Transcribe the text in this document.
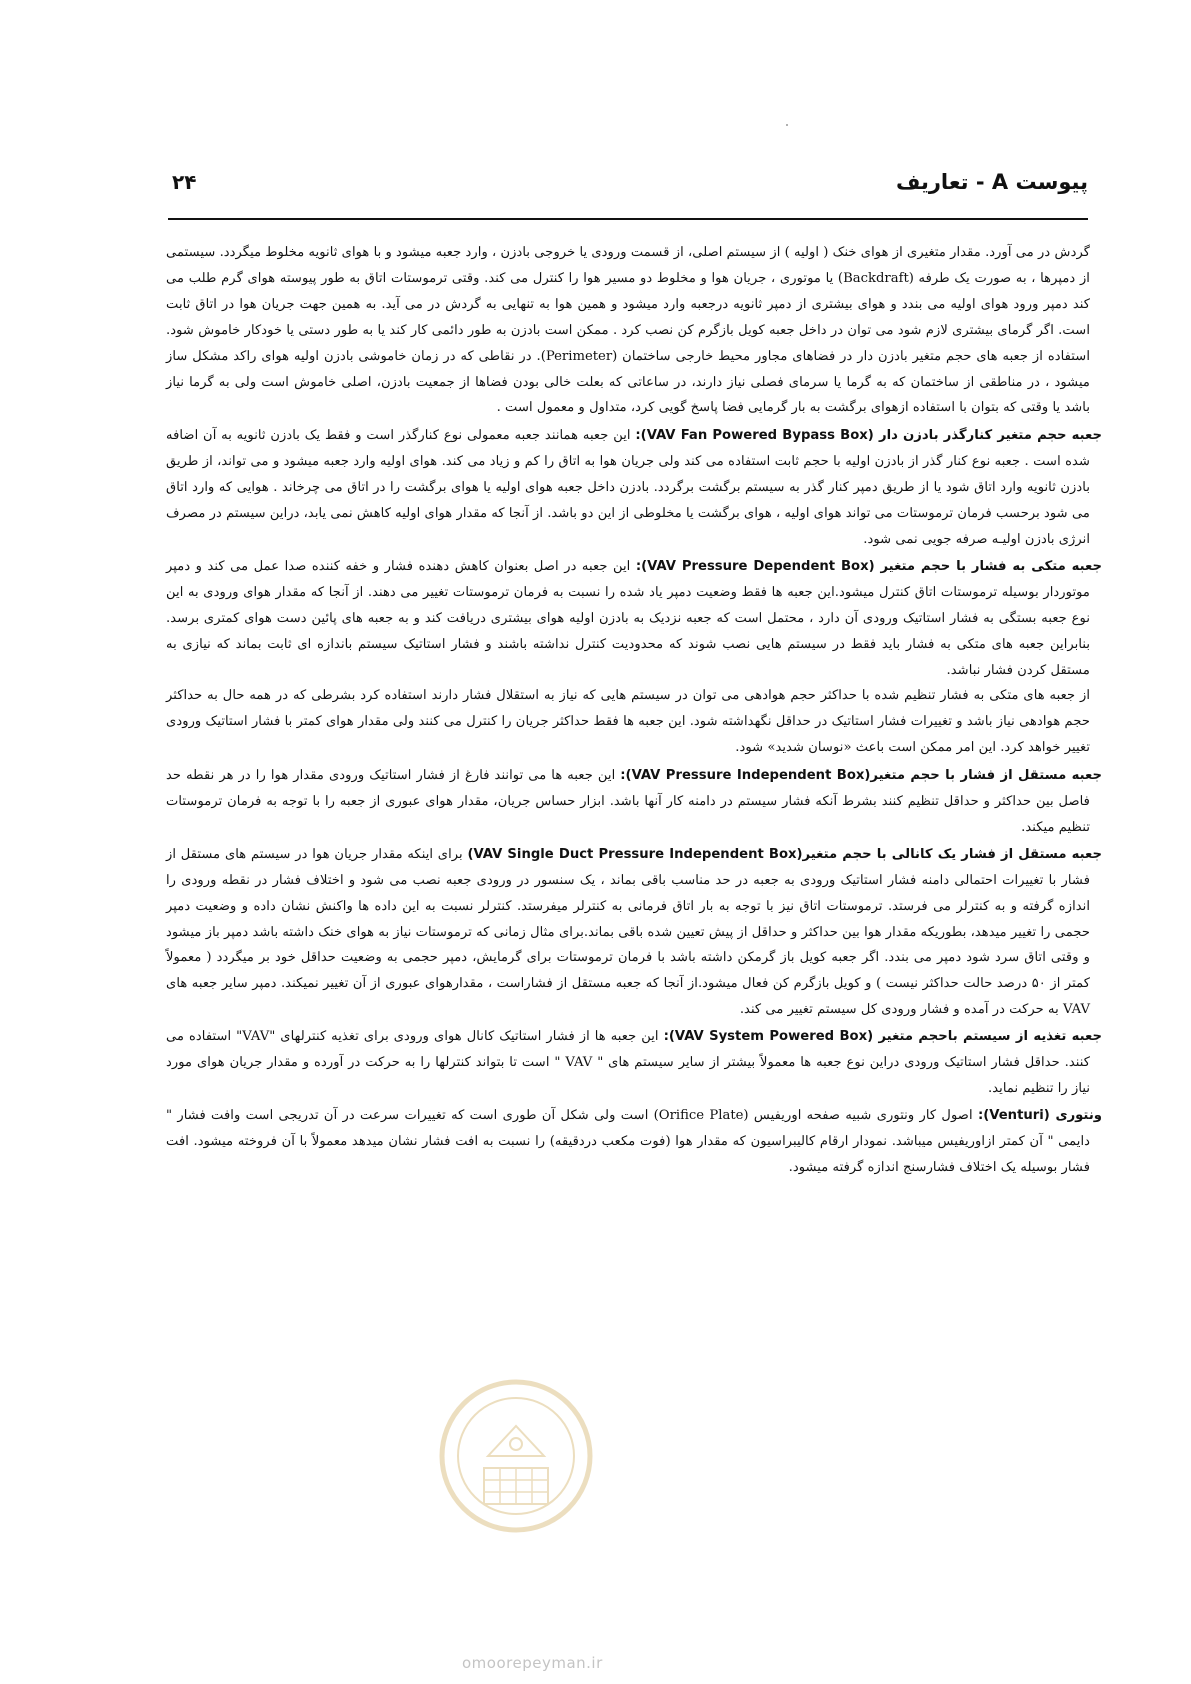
پیوست A - تعاریف
۲۴

گردش در می آورد. مقدار متغیری از هوای خنک ( اولیه ) از سیستم اصلی، از قسمت ورودی یا خروجی بادزن ، وارد جعبه میشود و با هوای ثانویه مخلوط میگردد. سیستمی از دمپرها ، به صورت یک طرفه (Backdraft) یا موتوری ، جریان هوا و مخلوط دو مسیر هوا را کنترل می کند. وقتی ترموستات اتاق به طور پیوسته هوای گرم طلب می کند دمپر ورود هوای اولیه می بندد و هوای بیشتری از دمپر ثانویه درجعبه وارد میشود و همین هوا به تنهایی به گردش در می آید. به همین جهت جریان هوا در اتاق ثابت است. اگر گرمای بیشتری لازم شود می توان در داخل جعبه کویل بازگرم کن نصب کرد . ممکن است بادزن به طور دائمی کار کند یا به طور دستی یا خودکار خاموش شود. استفاده از جعبه های حجم متغیر بادزن دار در فضاهای مجاور محیط خارجی ساختمان (Perimeter). در نقاطی که در زمان خاموشی بادزن اولیه هوای راکد مشکل ساز میشود ، در مناطقی از ساختمان که به گرما یا سرمای فصلی نیاز دارند، در ساعاتی که بعلت خالی بودن فضاها از جمعیت بادزن، اصلی خاموش است ولی به گرما نیاز باشد یا وقتی که بتوان با استفاده ازهوای برگشت به بار گرمایی فضا پاسخ گویی کرد، متداول و معمول است .

جعبه حجم متغیر کنارگذر بادزن دار (VAV Fan Powered Bypass Box): این جعبه همانند جعبه معمولی نوع کنارگذر است و فقط یک بادزن ثانویه به آن اضافه شده است . جعبه نوع کنار گذر از بادزن اولیه با حجم ثابت استفاده می کند ولی جریان هوا به اتاق را کم و زیاد می کند. هوای اولیه وارد جعبه میشود و می تواند، از طریق بادزن ثانویه وارد اتاق شود یا از طریق دمپر کنار گذر به سیستم برگشت برگردد. بادزن داخل جعبه هوای اولیه یا هوای برگشت را در اتاق می چرخاند . هوایی که وارد اتاق می شود برحسب فرمان ترموستات می تواند هوای اولیه ، هوای برگشت یا مخلوطی از این دو باشد. از آنجا که مقدار هوای اولیه کاهش نمی یابد، دراین سیستم در مصرف انرژی بادزن اولیـه صرفه جویی نمی شود.

جعبه متکی به فشار با حجم متغیر (VAV Pressure Dependent Box): این جعبه در اصل بعنوان کاهش دهنده فشار و خفه کننده صدا عمل می کند و دمپر موتوردار بوسیله ترموستات اتاق کنترل میشود.این جعبه ها فقط وضعیت دمپر یاد شده را نسبت به فرمان ترموستات تغییر می دهند. از آنجا که مقدار هوای ورودی به این نوع جعبه بستگی به فشار استاتیک ورودی آن دارد ، محتمل است که جعبه نزدیک به بادزن اولیه هوای بیشتری دریافت کند و به جعبه های پائین دست هوای کمتری برسد. بنابراین جعبه های متکی به فشار باید فقط در سیستم هایی نصب شوند که محدودیت کنترل نداشته باشند و فشار استاتیک سیستم باندازه ای ثابت بماند که نیازی به مستقل کردن فشار نباشد.

از جعبه های متکی به فشار تنظیم شده با حداکثر حجم هوادهی می توان در سیستم هایی که نیاز به استقلال فشار دارند استفاده کرد بشرطی که در همه حال به حداکثر حجم هوادهی نیاز باشد و تغییرات فشار استاتیک در حداقل نگهداشته شود. این جعبه ها فقط حداکثر جریان را کنترل می کنند ولی مقدار هوای کمتر با فشار استاتیک ورودی تغییر خواهد کرد. این امر ممکن است باعث «نوسان شدید» شود.

جعبه مستقل از فشار با حجم متغیر(VAV Pressure Independent Box): این جعبه ها می توانند فارغ از فشار استاتیک ورودی مقدار هوا را در هر نقطه حد فاصل بین حداکثر و حداقل تنظیم کنند بشرط آنکه فشار سیستم در دامنه کار آنها باشد. ابزار حساس جریان، مقدار هوای عبوری از جعبه را با توجه به فرمان ترموستات تنظیم میکند.

جعبه مستقل از فشار یک کانالی با حجم متغیر(VAV Single Duct Pressure Independent Box) برای اینکه مقدار جریان هوا در سیستم های مستقل از فشار با تغییرات احتمالی دامنه فشار استاتیک ورودی به جعبه در حد مناسب باقی بماند ، یک سنسور در ورودی جعبه نصب می شود و اختلاف فشار در نقطه ورودی را اندازه گرفته و به کنترلر می فرستد. ترموستات اتاق نیز با توجه به بار اتاق فرمانی به کنترلر میفرستد. کنترلر نسبت به این داده ها واکنش نشان داده و وضعیت دمپر حجمی را تغییر میدهد، بطوریکه مقدار هوا بین حداکثر و حداقل از پیش تعیین شده باقی بماند.برای مثال زمانی که ترموستات نیاز به هوای خنک داشته باشد دمپر باز میشود و وقتی اتاق سرد شود دمپر می بندد. اگر جعبه کویل باز گرمکن داشته باشد با فرمان ترموستات برای گرمایش، دمپر حجمی به وضعیت حداقل خود بر میگردد ( معمولاً کمتر از ۵۰ درصد حالت حداکثر نیست ) و کویل بازگرم کن فعال میشود.از آنجا که جعبه مستقل از فشاراست ، مقدارهوای عبوری از آن تغییر نمیکند. دمپر سایر جعبه های VAV به حرکت در آمده و فشار ورودی کل سیستم تغییر می کند.

جعبه تغذیه از سیستم باحجم متغیر (VAV System Powered Box): این جعبه ها از فشار استاتیک کانال هوای ورودی برای تغذیه کنترلهای "VAV" استفاده می کنند. حداقل فشار استاتیک ورودی دراین نوع جعبه ها معمولاً بیشتر از سایر سیستم های " VAV " است تا بتواند کنترلها را به حرکت در آورده و مقدار جریان هوای مورد نیاز را تنظیم نماید.

ونتوری (Venturi): اصول کار ونتوری شبیه صفحه اوریفیس (Orifice Plate) است ولی شکل آن طوری است که تغییرات سرعت در آن تدریجی است وافت فشار " دایمی " آن کمتر ازاوریفیس میباشد. نمودار ارقام کالیبراسیون که مقدار هوا (فوت مکعب دردقیقه) را نسبت به افت فشار نشان میدهد معمولاً با آن فروخته میشود. افت فشار بوسیله یک اختلاف فشارسنج اندازه گرفته میشود.

omoorepeyman.ir
